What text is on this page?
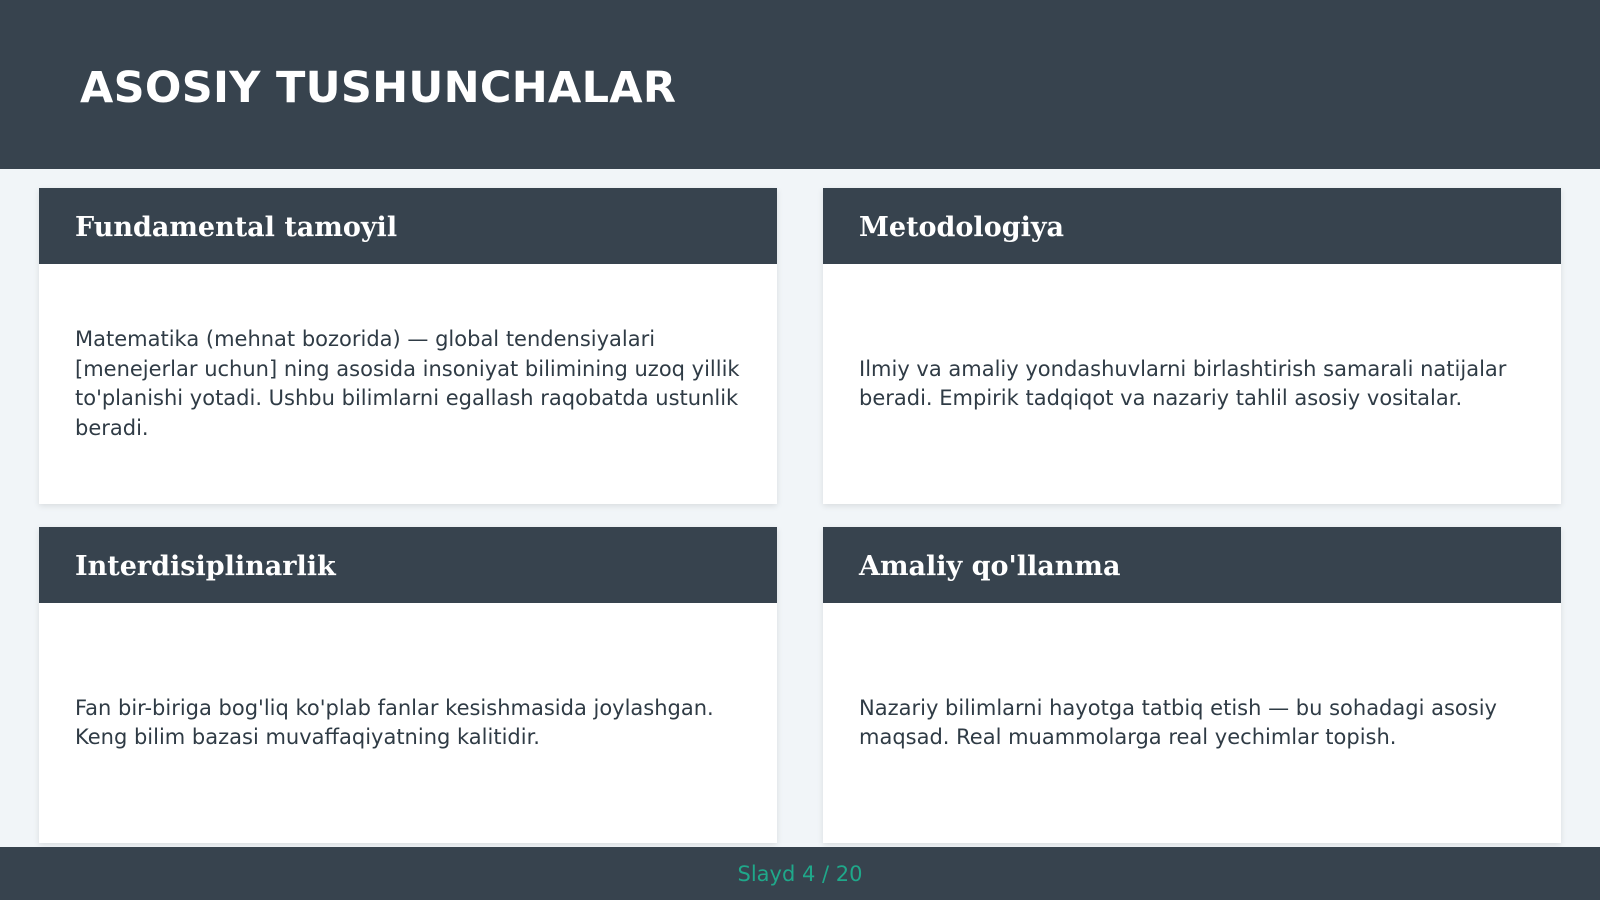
ASOSIY TUSHUNCHALAR
Fundamental tamoyil

Matematika (mehnat bozorida) — global tendensiyalari [menejerlar uchun] ning asosida insoniyat bilimining uzoq yillik to'planishi yotadi. Ushbu bilimlarni egallash raqobatda ustunlik beradi.

Metodologiya

Ilmiy va amaliy yondashuvlarni birlashtirish samarali natijalar beradi. Empirik tadqiqot va nazariy tahlil asosiy vositalar.

Interdisiplinarlik

Fan bir-biriga bog'liq ko'plab fanlar kesishmasida joylashgan. Keng bilim bazasi muvaffaqiyatning kalitidir.

Amaliy qo'llanma

Nazariy bilimlarni hayotga tatbiq etish — bu sohadagi asosiy maqsad. Real muammolarga real yechimlar topish.

Slayd 4 / 20
